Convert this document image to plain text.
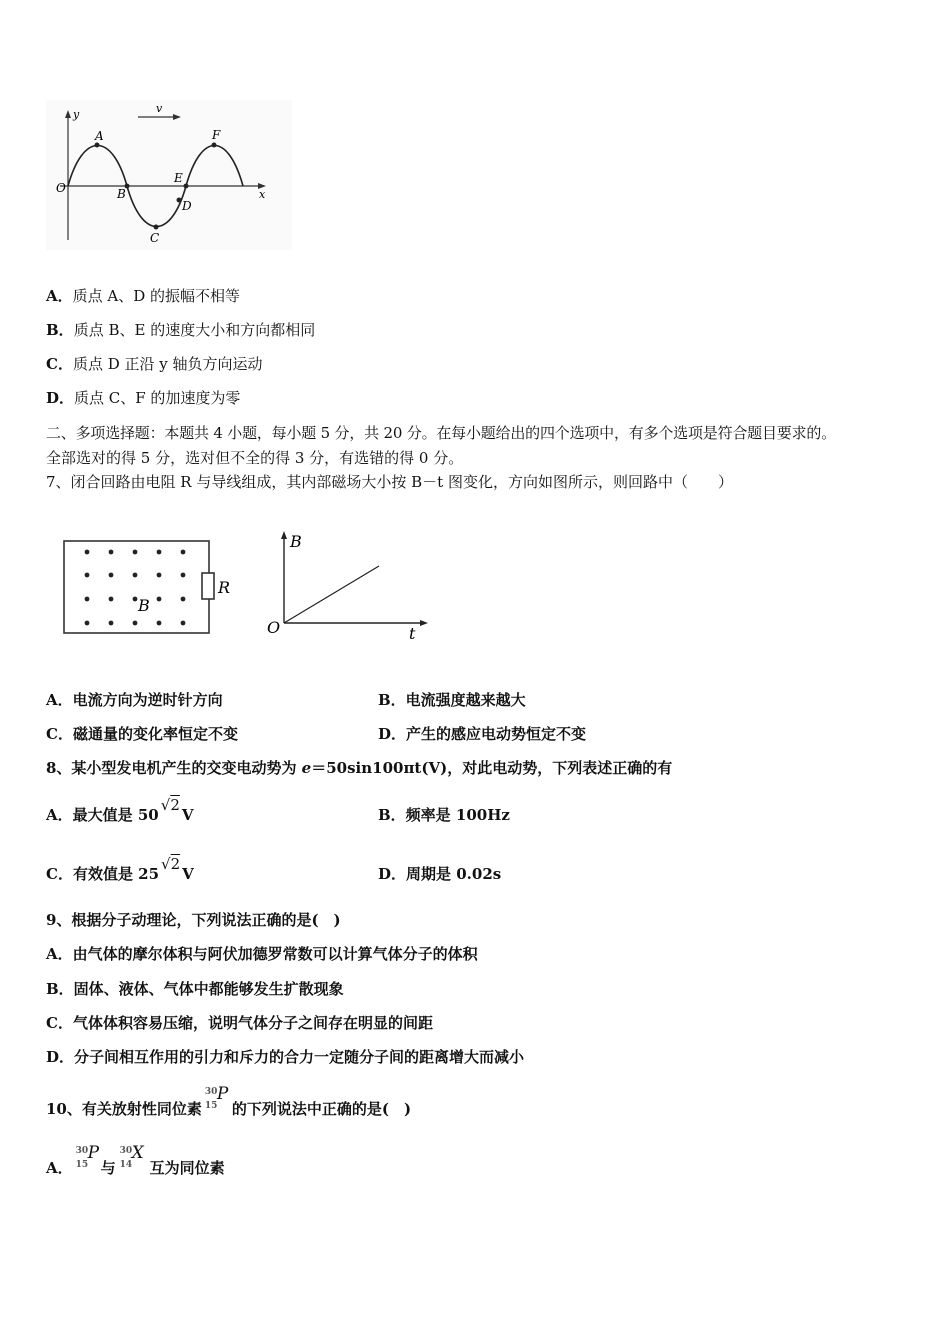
y
x
O
v
A
B
C
D
E
F
A．质点 A、D 的振幅不相等
B．质点 B、E 的速度大小和方向都相同
C．质点 D 正沿 y 轴负方向运动
D．质点 C、F 的加速度为零
二、多项选择题：本题共 4 小题，每小题 5 分，共 20 分。在每小题给出的四个选项中，有多个选项是符合题目要求的。
全部选对的得 5 分，选对但不全的得 3 分，有选错的得 0 分。
7、闭合回路由电阻 R 与导线组成，其内部磁场大小按 B－t 图变化，方向如图所示，则回路中（　　）
B
R
B
t
O
A．电流方向为逆时针方向	B．电流强度越来越大
C．磁通量的变化率恒定不变	D．产生的感应电动势恒定不变
8、某小型发电机产生的交变电动势为 e＝50sin100πt(V)，对此电动势，下列表述正确的有
A．最大值是 50√2V	B．频率是 100Hz
C．有效值是 25√2V	D．周期是 0.02s
9、根据分子动理论，下列说法正确的是(　)
A．由气体的摩尔体积与阿伏加德罗常数可以计算气体分子的体积
B．固体、液体、气体中都能够发生扩散现象
C．气体体积容易压缩，说明气体分子之间存在明显的间距
D．分子间相互作用的引力和斥力的合力一定随分子间的距离增大而减小
10、有关放射性同位素
30
15
P
的下列说法中正确的是(　)
A．
30
15
P
与
30
14
X
互为同位素
